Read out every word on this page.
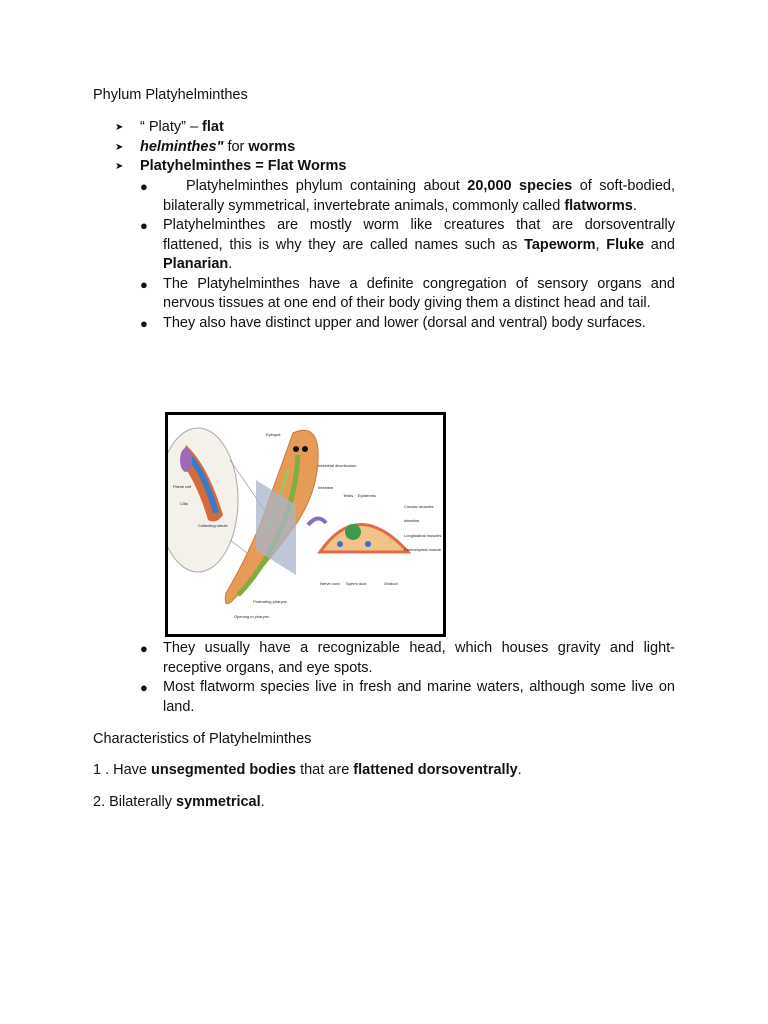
Phylum Platyhelminthes
➤	“ Platy” – flat
➤	helminthes" for worms
➤	Platyhelminthes = Flat Worms
●	Platyhelminthes phylum containing about 20,000 species of soft-bodied, bilaterally symmetrical, invertebrate animals, commonly called flatworms.
● Platyhelminthes are mostly worm like creatures that are dorsoventrally flattened, this is why they are called names such as Tapeworm, Fluke and Planarian.
● The Platyhelminthes have a definite congregation of sensory organs and nervous tissues at one end of their body giving them a distinct head and tail.
● They also have distinct upper and lower (dorsal and ventral) body surfaces.
Eyespot
Intestinal diverticulum
Intestine
Testis Epidermis
Circular muscles
Intestine
Longitudinal muscles
Parenchymal muscle
Nerve cord Sperm duct	Oviduct
Flame cell
Cilia
Collecting tubule
Protruding pharynx
Opening to pharynx
● They usually have a recognizable head, which houses gravity and light-receptive organs, and eye spots.
● Most flatworm species live in fresh and marine waters, although some live on land.

Characteristics of Platyhelminthes

1 . Have unsegmented bodies that are flattened dorsoventrally.

2. Bilaterally symmetrical.
